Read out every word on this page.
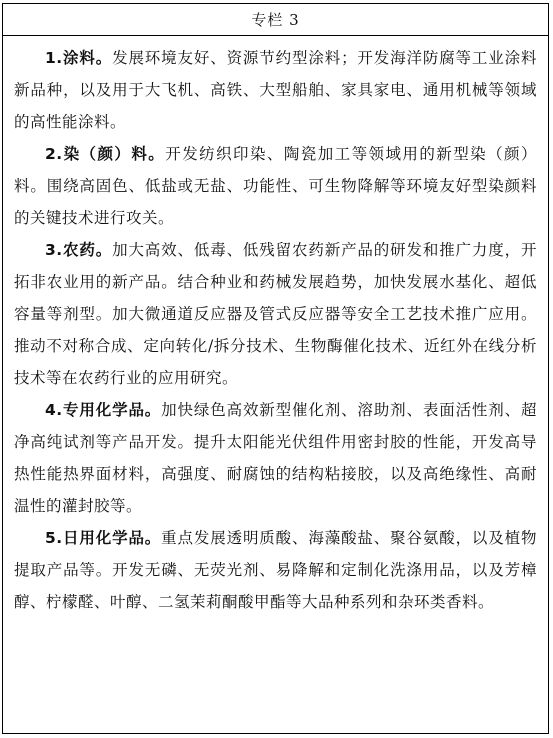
专栏 3

1.涂料。发展环境友好、资源节约型涂料；开发海洋防腐等工业涂料新品种，以及用于大飞机、高铁、大型船舶、家具家电、通用机械等领域的高性能涂料。

2.染（颜）料。开发纺织印染、陶瓷加工等领域用的新型染（颜）料。围绕高固色、低盐或无盐、功能性、可生物降解等环境友好型染颜料的关键技术进行攻关。

3.农药。加大高效、低毒、低残留农药新产品的研发和推广力度，开拓非农业用的新产品。结合种业和药械发展趋势，加快发展水基化、超低容量等剂型。加大微通道反应器及管式反应器等安全工艺技术推广应用。推动不对称合成、定向转化/拆分技术、生物酶催化技术、近红外在线分析技术等在农药行业的应用研究。

4.专用化学品。加快绿色高效新型催化剂、溶助剂、表面活性剂、超净高纯试剂等产品开发。提升太阳能光伏组件用密封胶的性能，开发高导热性能热界面材料，高强度、耐腐蚀的结构粘接胶，以及高绝缘性、高耐温性的灌封胶等。

5.日用化学品。重点发展透明质酸、海藻酸盐、聚谷氨酸，以及植物提取产品等。开发无磷、无荧光剂、易降解和定制化洗涤用品，以及芳樟醇、柠檬醛、叶醇、二氢茉莉酮酸甲酯等大品种系列和杂环类香料。
